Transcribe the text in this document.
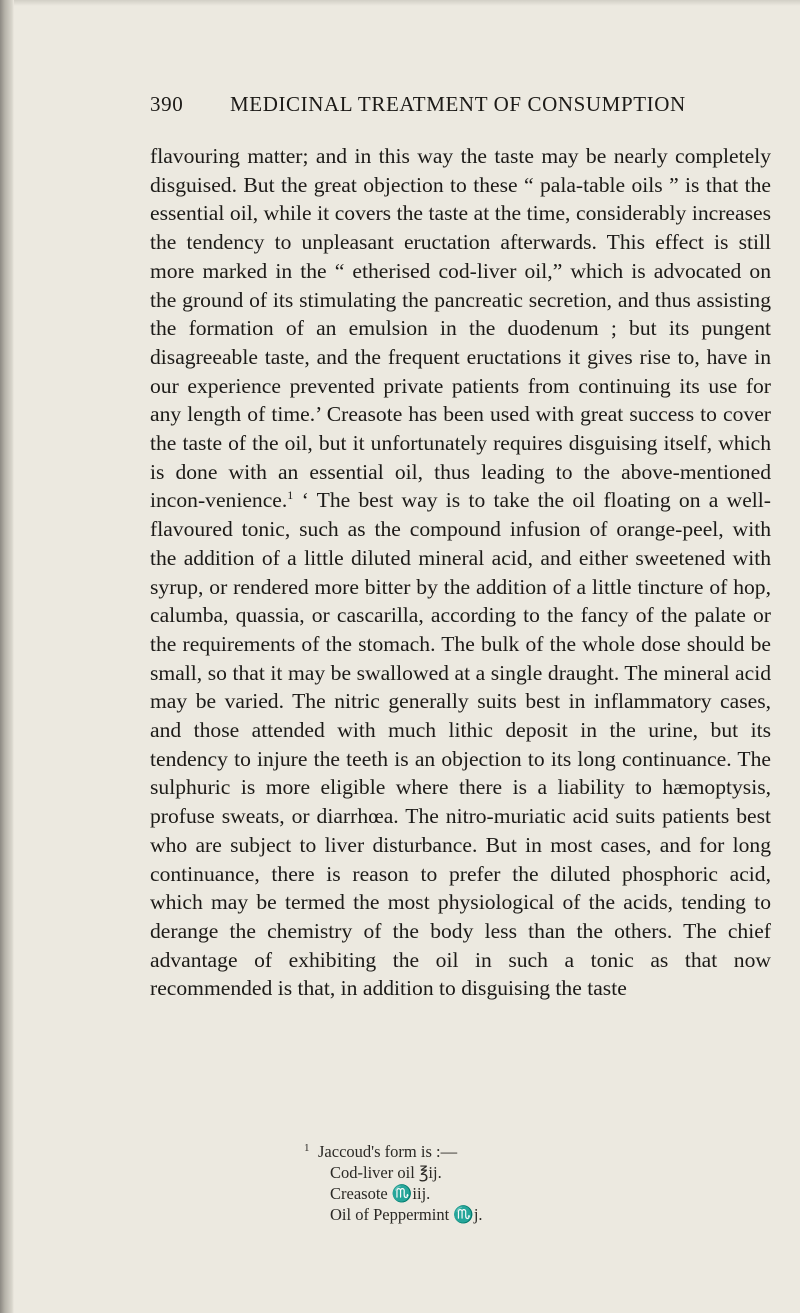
390 MEDICINAL TREATMENT OF CONSUMPTION

flavouring matter; and in this way the taste may be nearly completely disguised. But the great objection to these “ pala-table oils ” is that the essential oil, while it covers the taste at the time, considerably increases the tendency to unpleasant eructation afterwards. This effect is still more marked in the “ etherised cod-liver oil,” which is advocated on the ground of its stimulating the pancreatic secretion, and thus assisting the formation of an emulsion in the duodenum ; but its pungent disagreeable taste, and the frequent eructations it gives rise to, have in our experience prevented private patients from continuing its use for any length of time.’ Creasote has been used with great success to cover the taste of the oil, but it unfortunately requires disguising itself, which is done with an essential oil, thus leading to the above-mentioned incon-venience.$^1$ ‘ The best way is to take the oil floating on a well-flavoured tonic, such as the compound infusion of orange-peel, with the addition of a little diluted mineral acid, and either sweetened with syrup, or rendered more bitter by the addition of a little tincture of hop, calumba, quassia, or cascarilla, according to the fancy of the palate or the requirements of the stomach. The bulk of the whole dose should be small, so that it may be swallowed at a single draught. The mineral acid may be varied. The nitric generally suits best in inflammatory cases, and those attended with much lithic deposit in the urine, but its tendency to injure the teeth is an objection to its long continuance. The sulphuric is more eligible where there is a liability to hæmoptysis, profuse sweats, or diarrhœa. The nitro-muriatic acid suits patients best who are subject to liver disturbance. But in most cases, and for long continuance, there is reason to prefer the diluted phosphoric acid, which may be termed the most physiological of the acids, tending to derange the chemistry of the body less than the others. The chief advantage of exhibiting the oil in such a tonic as that now recommended is that, in addition to disguising the taste

1 Jaccoud's form is :—
Cod-liver oil ℥ij.
Creasote ♏iij.
Oil of Peppermint ♏j.
